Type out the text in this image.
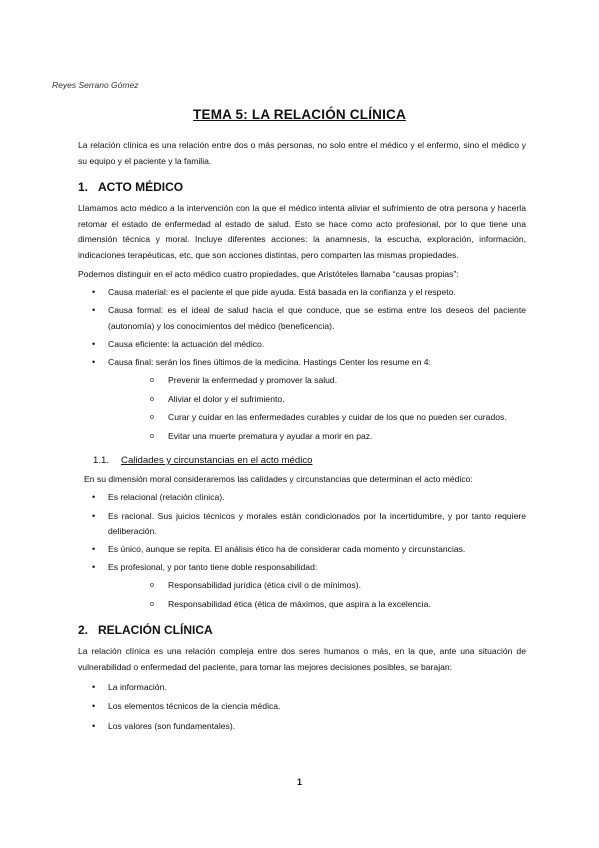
Reyes Serrano Gómez
TEMA 5: LA RELACIÓN CLÍNICA

La relación clínica es una relación entre dos o más personas, no solo entre el médico y el enfermo, sino el médico y su equipo y el paciente y la familia.

1. ACTO MÉDICO

Llamamos acto médico a la intervención con la que el médico intenta aliviar el sufrimiento de otra persona y hacerla retomar el estado de enfermedad al estado de salud. Esto se hace como acto profesional, por lo que tiene una dimensión técnica y moral. Incluye diferentes acciones: la anamnesis, la escucha, exploración, información, indicaciones terapéuticas, etc, que son acciones distintas, pero comparten las mismas propiedades.

Podemos distinguir en el acto médico cuatro propiedades, que Aristóteles llamaba “causas propias”:

• Causa material: es el paciente el que pide ayuda. Está basada en la confianza y el respeto.
• Causa formal: es el ideal de salud hacia el que conduce, que se estima entre los deseos del paciente (autonomía) y los conocimientos del médico (beneficencia).
• Causa eficiente: la actuación del médico.
• Causa final: serán los fines últimos de la medicina. Hastings Center los resume en 4:
o Prevenir la enfermedad y promover la salud.
o Aliviar el dolor y el sufrimiento.
o Curar y cuidar en las enfermedades curables y cuidar de los que no pueden ser curados.
o Evitar una muerte prematura y ayudar a morir en paz.
1.1. Calidades y circunstancias en el acto médico

En su dimensión moral consideraremos las calidades y circunstancias que determinan el acto médico:

• Es relacional (relación clínica).
• Es racional. Sus juicios técnicos y morales están condicionados por la incertidumbre, y por tanto requiere deliberación.
• Es único, aunque se repita. El análisis ético ha de considerar cada momento y circunstancias.
• Es profesional, y por tanto tiene doble responsabilidad:
o Responsabilidad jurídica (ética civil o de mínimos).
o Responsabilidad ética (ética de máximos, que aspira a la excelencia.
2. RELACIÓN CLÍNICA

La relación clínica es una relación compleja entre dos seres humanos o más, en la que, ante una situación de vulnerabilidad o enfermedad del paciente, para tomar las mejores decisiones posibles, se barajan:

• La información.
• Los elementos técnicos de la ciencia médica.
• Los valores (son fundamentales).
1
